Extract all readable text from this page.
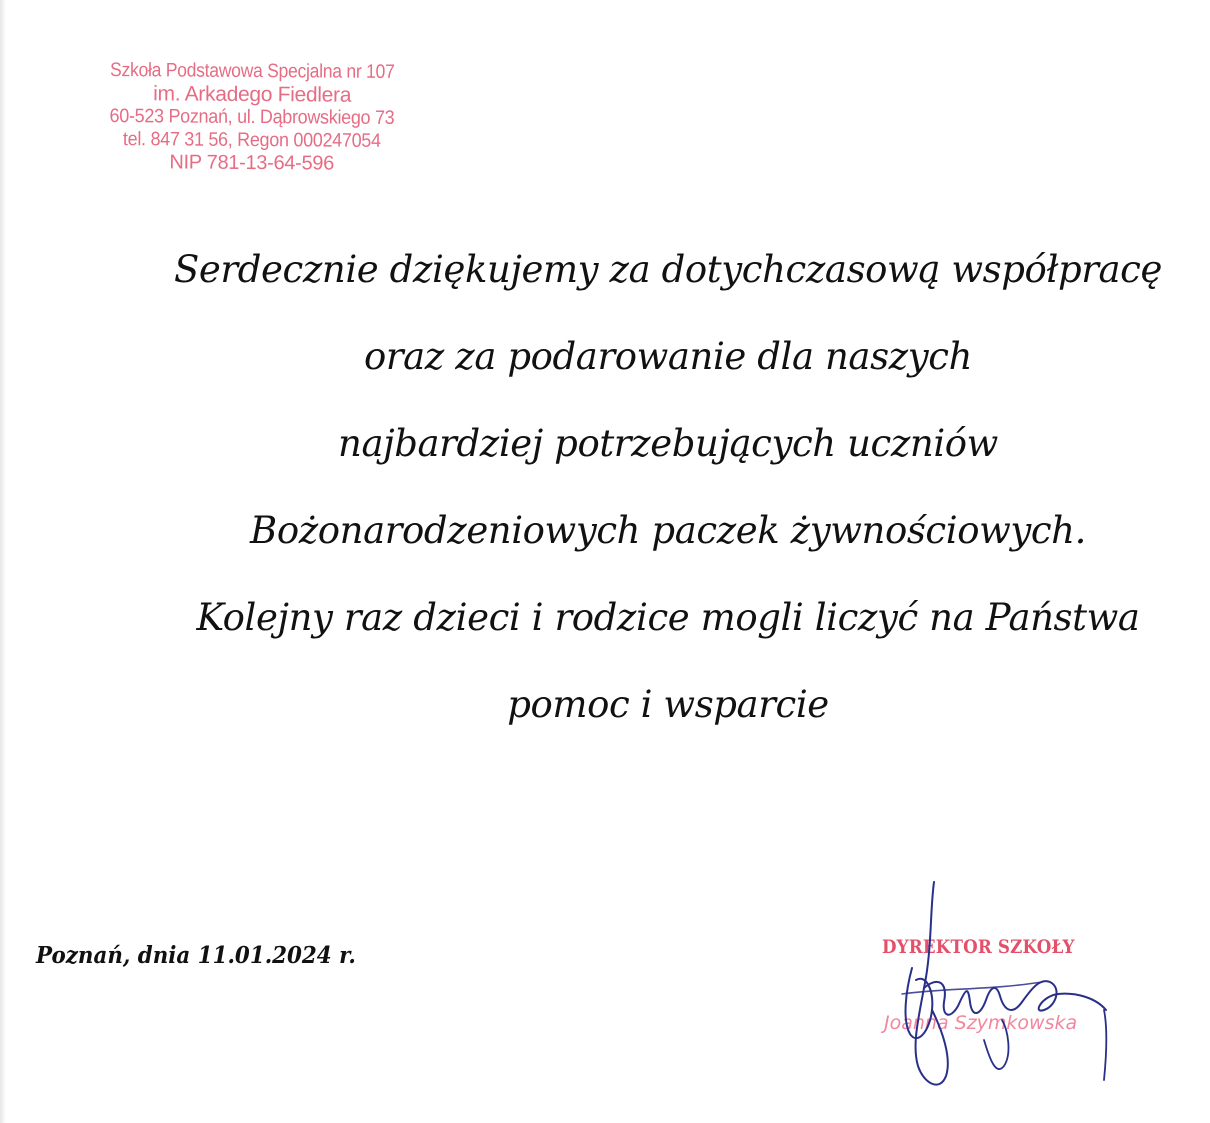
Szkoła Podstawowa Specjalna nr 107
im. Arkadego Fiedlera
60-523 Poznań, ul. Dąbrowskiego 73
tel. 847 31 56, Regon 000247054
NIP 781-13-64-596
Serdecznie dziękujemy za dotychczasową współpracę
oraz za podarowanie dla naszych
najbardziej potrzebujących uczniów
Bożonarodzeniowych paczek żywnościowych.
Kolejny raz dzieci i rodzice mogli liczyć na Państwa
pomoc i wsparcie
Poznań, dnia 11.01.2024 r.	DYREKTOR SZKOŁY
Joanna Szymkowska
